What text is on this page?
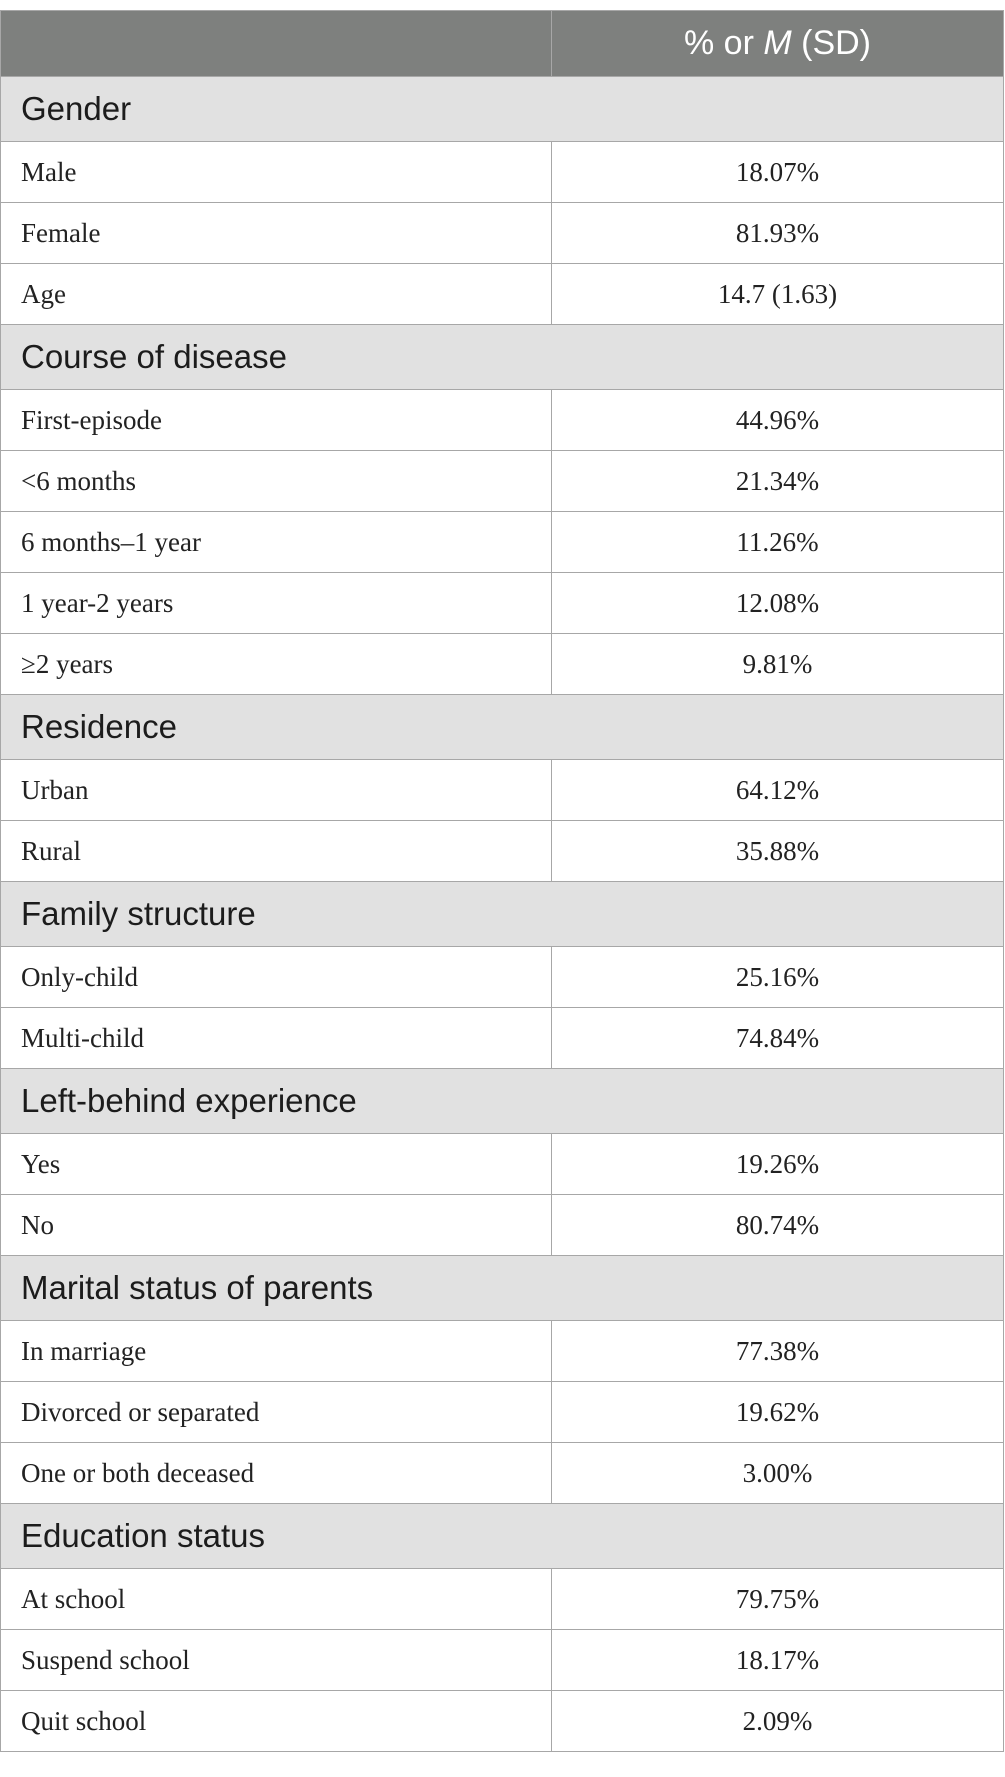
	% or M (SD)
Gender	
Male	18.07%
Female	81.93%
Age	14.7 (1.63)
Course of disease	
First-episode	44.96%
<6 months	21.34%
6 months–1 year	11.26%
1 year-2 years	12.08%
≥2 years	9.81%
Residence	
Urban	64.12%
Rural	35.88%
Family structure	
Only-child	25.16%
Multi-child	74.84%
Left-behind experience	
Yes	19.26%
No	80.74%
Marital status of parents	
In marriage	77.38%
Divorced or separated	19.62%
One or both deceased	3.00%
Education status	
At school	79.75%
Suspend school	18.17%
Quit school	2.09%
